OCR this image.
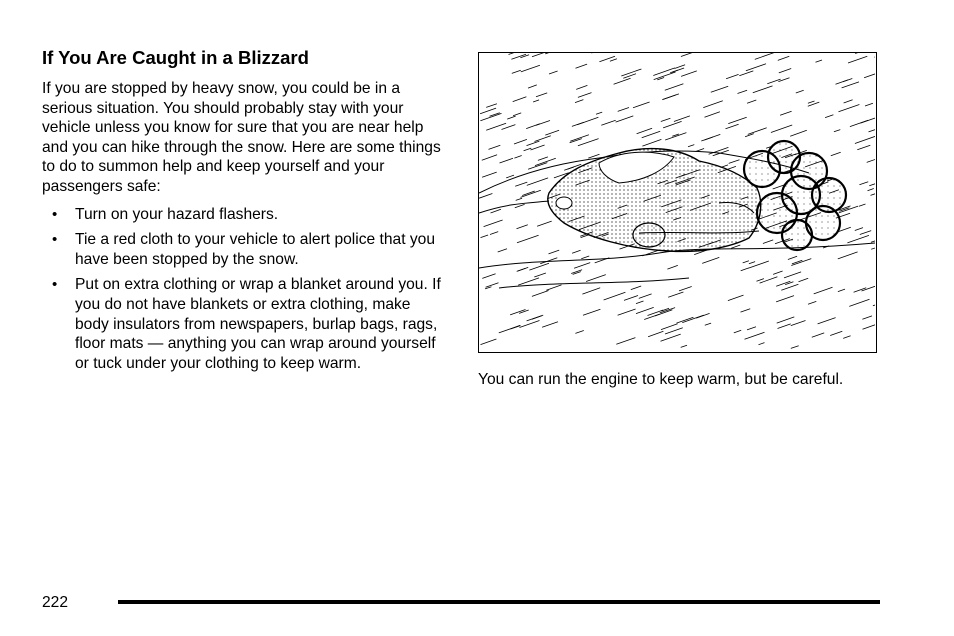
If You Are Caught in a Blizzard

If you are stopped by heavy snow, you could be in a serious situation. You should probably stay with your vehicle unless you know for sure that you are near help and you can hike through the snow. Here are some things to do to summon help and keep yourself and your passengers safe:

• Turn on your hazard flashers.
• Tie a red cloth to your vehicle to alert police that you have been stopped by the snow.
• Put on extra clothing or wrap a blanket around you. If you do not have blankets or extra clothing, make body insulators from newspapers, burlap bags, rags, floor mats — anything you can wrap around yourself or tuck under your clothing to keep warm.
You can run the engine to keep warm, but be careful.
222
